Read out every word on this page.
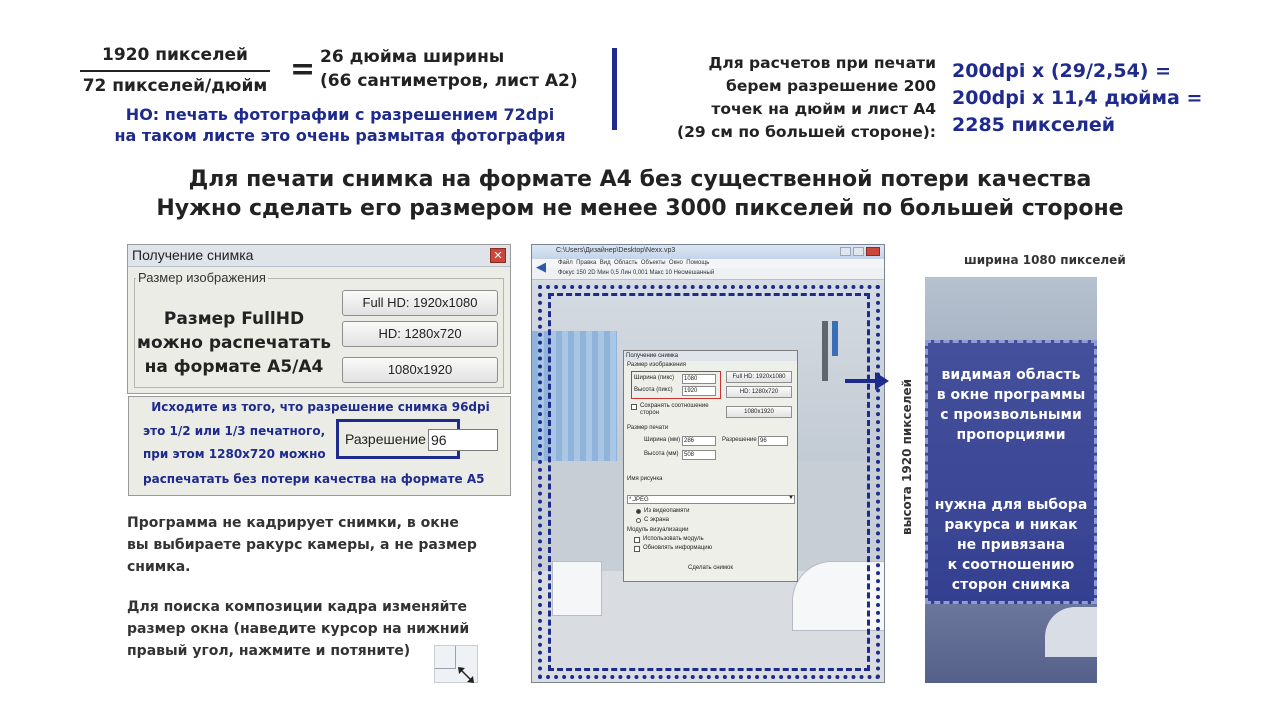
1920 пикселей
72 пикселей/дюйм = 26 дюйма ширины
(66 сантиметров, лист А2)
НО: печать фотографии с разрешением 72dpi
на таком листе это очень размытая фотография
Для расчетов при печати
берем разрешение 200
точек на дюйм и лист А4
(29 см по большей стороне):
200dpi x (29/2,54) =
200dpi x 11,4 дюйма =
2285 пикселей
Для печати снимка на формате А4 без существенной потери качества
Нужно сделать его размером не менее 3000 пикселей по большей стороне
Получение снимка	✕
Размер изображения
Размер FullHD
можно распечатать
на формате А5/А4
Full HD: 1920x1080
HD: 1280x720
1080x1920
Исходите из того, что разрешение снимка 96dpi
это 1/2 или 1/3 печатного,
при этом 1280x720 можно
распечатать без потери качества на формате А5
Разрешение 96
Программа не кадрирует снимки, в окне
вы выбираете ракурс камеры, а не размер
снимка.
Для поиска композиции кадра изменяйте
размер окна (наведите курсор на нижний
правый угол, нажмите и потяните)
C:\Users\Дизайнер\Desktop\Nexx.vp3
Файл Правка Вид Область Объекты Окно Помощь
Фокус 150 2D Мин 0,5 Лин 0,001 Макс 10 Несмешанный
◀
Получение снимка
Размер изображения
Ширина (пикс)	1080
Высота (пикс)	1920
Full HD: 1920x1080
HD: 1280x720
1080x1920
Сохранять соотношение сторон
Размер печати
Ширина (мм) 286
Высота (мм) 508
Разрешение 96
Имя рисунка
*.JPEG	▼
Из видеопамяти
С экрана
Модуль визуализации
Использовать модуль
Обновлять информацию
Сделать снимок
ширина 1080 пикселей
высота 1920 пикселей
видимая область
в окне программы
с произвольными
пропорциями
нужна для выбора
ракурса и никак
не привязана
к соотношению
сторон снимка
